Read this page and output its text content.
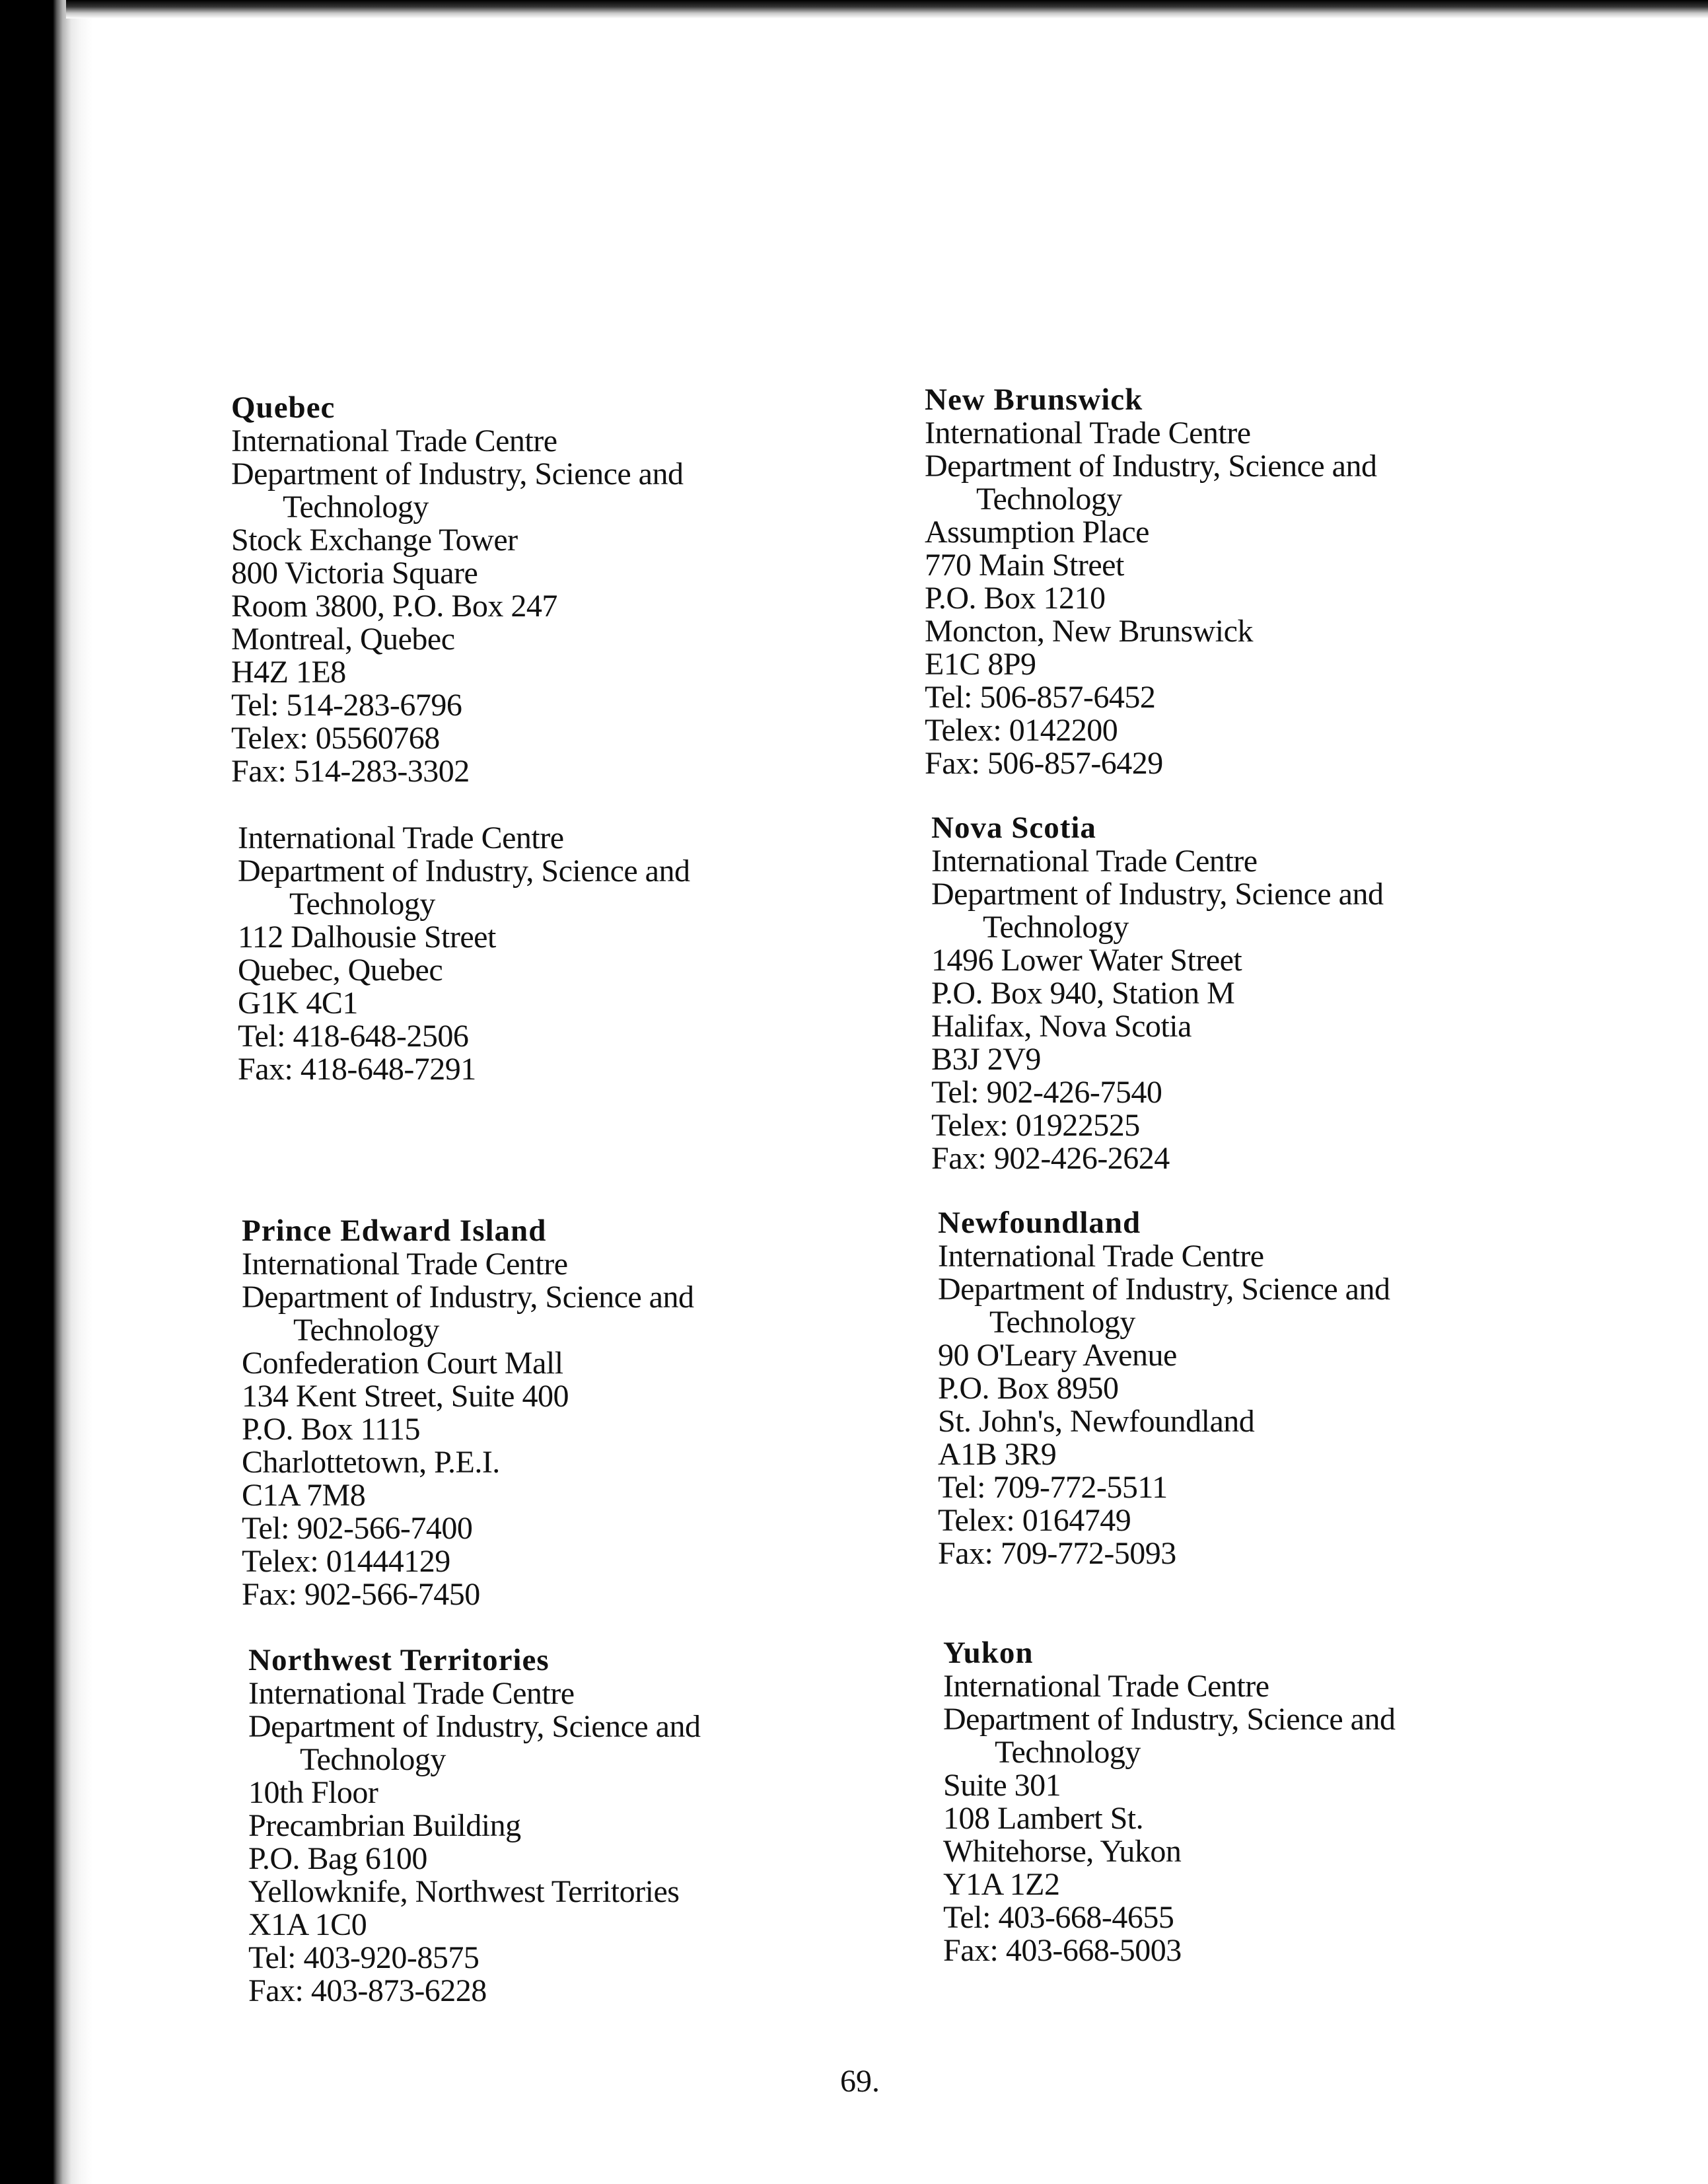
Quebec
International Trade Centre
Department of Industry, Science and
Technology
Stock Exchange Tower
800 Victoria Square
Room 3800, P.O. Box 247
Montreal, Quebec
H4Z 1E8
Tel: 514-283-6796
Telex: 05560768
Fax: 514-283-3302
International Trade Centre
Department of Industry, Science and
Technology
112 Dalhousie Street
Quebec, Quebec
G1K 4C1
Tel: 418-648-2506
Fax: 418-648-7291
Prince Edward Island
International Trade Centre
Department of Industry, Science and
Technology
Confederation Court Mall
134 Kent Street, Suite 400
P.O. Box 1115
Charlottetown, P.E.I.
C1A 7M8
Tel: 902-566-7400
Telex: 01444129
Fax: 902-566-7450
Northwest Territories
International Trade Centre
Department of Industry, Science and
Technology
10th Floor
Precambrian Building
P.O. Bag 6100
Yellowknife, Northwest Territories
X1A 1C0
Tel: 403-920-8575
Fax: 403-873-6228
New Brunswick
International Trade Centre
Department of Industry, Science and
Technology
Assumption Place
770 Main Street
P.O. Box 1210
Moncton, New Brunswick
E1C 8P9
Tel: 506-857-6452
Telex: 0142200
Fax: 506-857-6429
Nova Scotia
International Trade Centre
Department of Industry, Science and
Technology
1496 Lower Water Street
P.O. Box 940, Station M
Halifax, Nova Scotia
B3J 2V9
Tel: 902-426-7540
Telex: 01922525
Fax: 902-426-2624
Newfoundland
International Trade Centre
Department of Industry, Science and
Technology
90 O'Leary Avenue
P.O. Box 8950
St. John's, Newfoundland
A1B 3R9
Tel: 709-772-5511
Telex: 0164749
Fax: 709-772-5093
Yukon
International Trade Centre
Department of Industry, Science and
Technology
Suite 301
108 Lambert St.
Whitehorse, Yukon
Y1A 1Z2
Tel: 403-668-4655
Fax: 403-668-5003
69.
